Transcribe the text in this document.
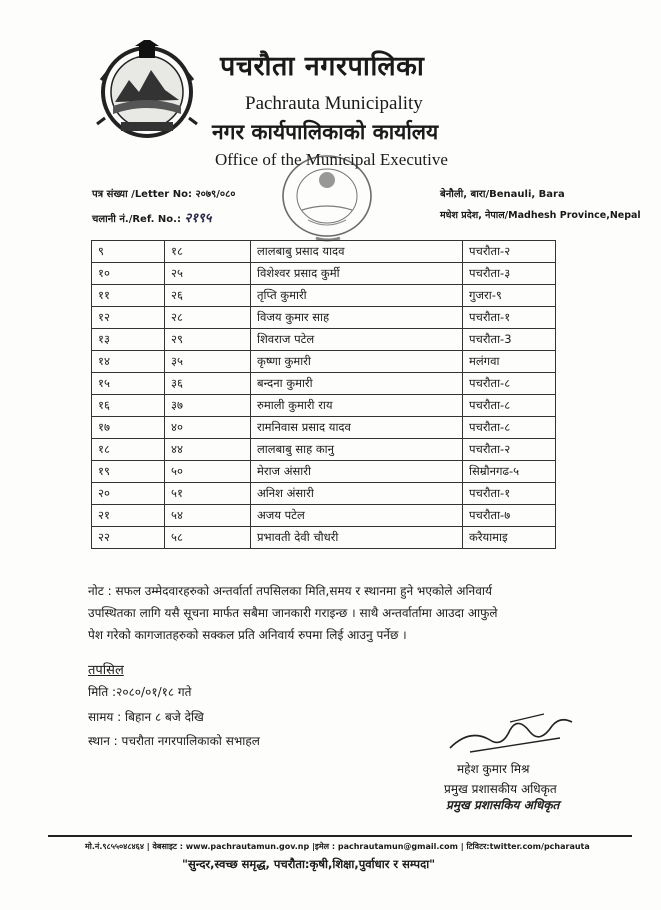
पचरौता नगरपालिका
Pachrauta Municipality
नगर कार्यपालिकाको कार्यालय
Office of the Municipal Executive
पत्र संख्या /Letter No: २०७९/०८०
चलानी नं./Ref. No.: २१९५
बेनौली, बारा/Benauli, Bara
मधेश प्रदेश, नेपाल/Madhesh Province,Nepal
९	१८	लालबाबु प्रसाद यादव	पचरौता-२
१०	२५	विशेश्वर प्रसाद कुर्मी	पचरौता-३
११	२६	तृप्ति कुमारी	गुजरा-९
१२	२८	विजय कुमार साह	पचरौता-१
१३	२९	शिवराज पटेल	पचरौता-3
१४	३५	कृष्णा कुमारी	मलंगवा
१५	३६	बन्दना कुमारी	पचरौता-८
१६	३७	रुमाली कुमारी राय	पचरौता-८
१७	४०	रामनिवास प्रसाद यादव	पचरौता-८
१८	४४	लालबाबु साह कानु	पचरौता-२
१९	५०	मेराज अंसारी	सिम्रौनगढ-५
२०	५१	अनिश अंसारी	पचरौता-१
२१	५४	अजय पटेल	पचरौता-७
२२	५८	प्रभावती देवी चौधरी	करैयामाइ
नोट : सफल उम्मेदवारहरुको अन्तर्वार्ता तपसिलका मिति,समय र स्थानमा हुने भएकोले अनिवार्य
उपस्थितका लागि यसै सूचना मार्फत सबैमा जानकारी गराइन्छ । साथै अन्तर्वार्तामा आउदा आफुले
पेश गरेको कागजातहरुको सक्कल प्रति अनिवार्य रुपमा लिई आउनु पर्नेछ ।
तपसिल
मिति :२०८०/०१/१८ गते
सामय : बिहान ८ बजे देखि
स्थान : पचरौता नगरपालिकाको सभाहल
महेश कुमार मिश्र
प्रमुख प्रशासकीय अधिकृत
प्रमुख प्रशासकिय अधिकृत
मो.नं.९८५५०४८४६४ | वेबसाइट : www.pachrautamun.gov.np |इमेल : pachrautamun@gmail.com | टिविटर:twitter.com/pcharauta
"सुन्दर,स्वच्छ समृद्ध, पचरौता:कृषी,शिक्षा,पुर्वाधार र सम्पदा"
